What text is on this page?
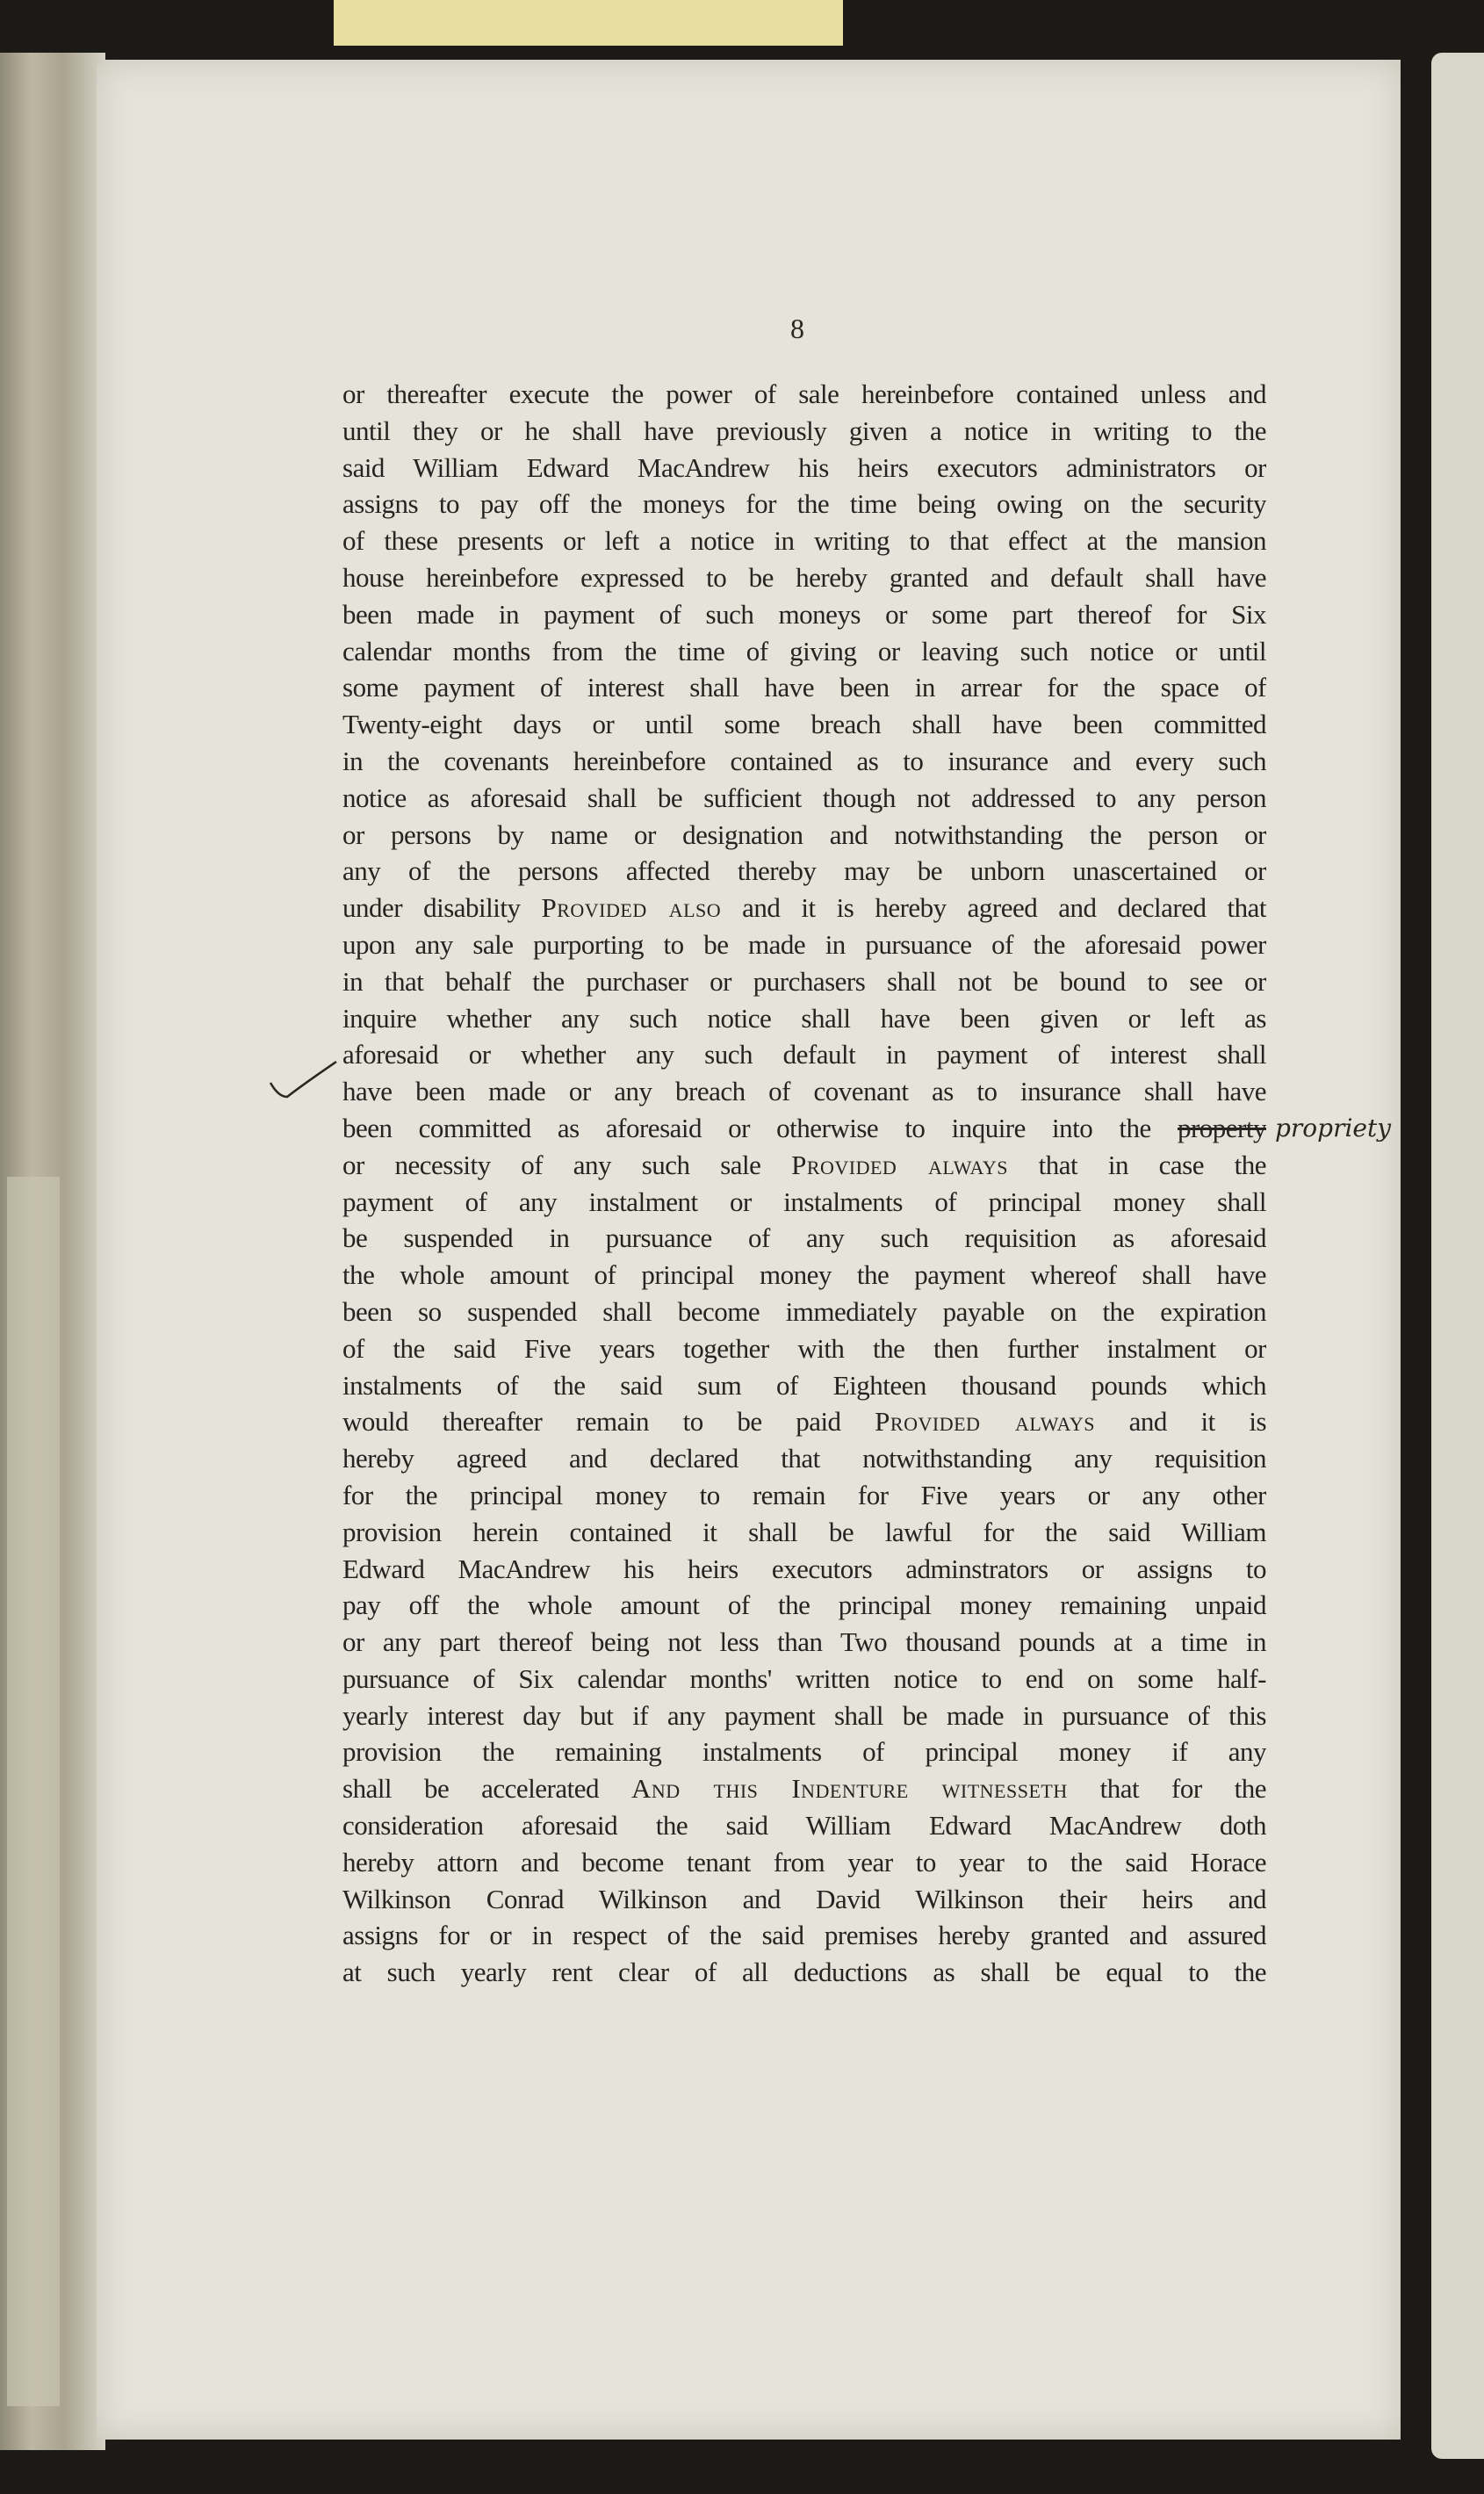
8
or thereafter execute the power of sale hereinbefore contained unless and
until they or he shall have previously given a notice in writing to the
said William Edward MacAndrew his heirs executors administrators or
assigns to pay off the moneys for the time being owing on the security
of these presents or left a notice in writing to that effect at the mansion
house hereinbefore expressed to be hereby granted and default shall have
been made in payment of such moneys or some part thereof for Six
calendar months from the time of giving or leaving such notice or until
some payment of interest shall have been in arrear for the space of
Twenty-eight days or until some breach shall have been committed
in the covenants hereinbefore contained as to insurance and every such
notice as aforesaid shall be sufficient though not addressed to any person
or persons by name or designation and notwithstanding the person or
any of the persons affected thereby may be unborn unascertained or
under disability Provided also and it is hereby agreed and declared that
upon any sale purporting to be made in pursuance of the aforesaid power
in that behalf the purchaser or purchasers shall not be bound to see or
inquire whether any such notice shall have been given or left as
aforesaid or whether any such default in payment of interest shall
have been made or any breach of covenant as to insurance shall have
been committed as aforesaid or otherwise to inquire into the property
or necessity of any such sale Provided always that in case the
payment of any instalment or instalments of principal money shall
be suspended in pursuance of any such requisition as aforesaid
the whole amount of principal money the payment whereof shall have
been so suspended shall become immediately payable on the expiration
of the said Five years together with the then further instalment or
instalments of the said sum of Eighteen thousand pounds which
would thereafter remain to be paid Provided always and it is
hereby agreed and declared that notwithstanding any requisition
for the principal money to remain for Five years or any other
provision herein contained it shall be lawful for the said William
Edward MacAndrew his heirs executors adminstrators or assigns to
pay off the whole amount of the principal money remaining unpaid
or any part thereof being not less than Two thousand pounds at a time in
pursuance of Six calendar months' written notice to end on some half-
yearly interest day but if any payment shall be made in pursuance of this
provision the remaining instalments of principal money if any
shall be accelerated And this Indenture witnesseth that for the
consideration aforesaid the said William Edward MacAndrew doth
hereby attorn and become tenant from year to year to the said Horace
Wilkinson Conrad Wilkinson and David Wilkinson their heirs and
assigns for or in respect of the said premises hereby granted and assured
at such yearly rent clear of all deductions as shall be equal to the
propriety
